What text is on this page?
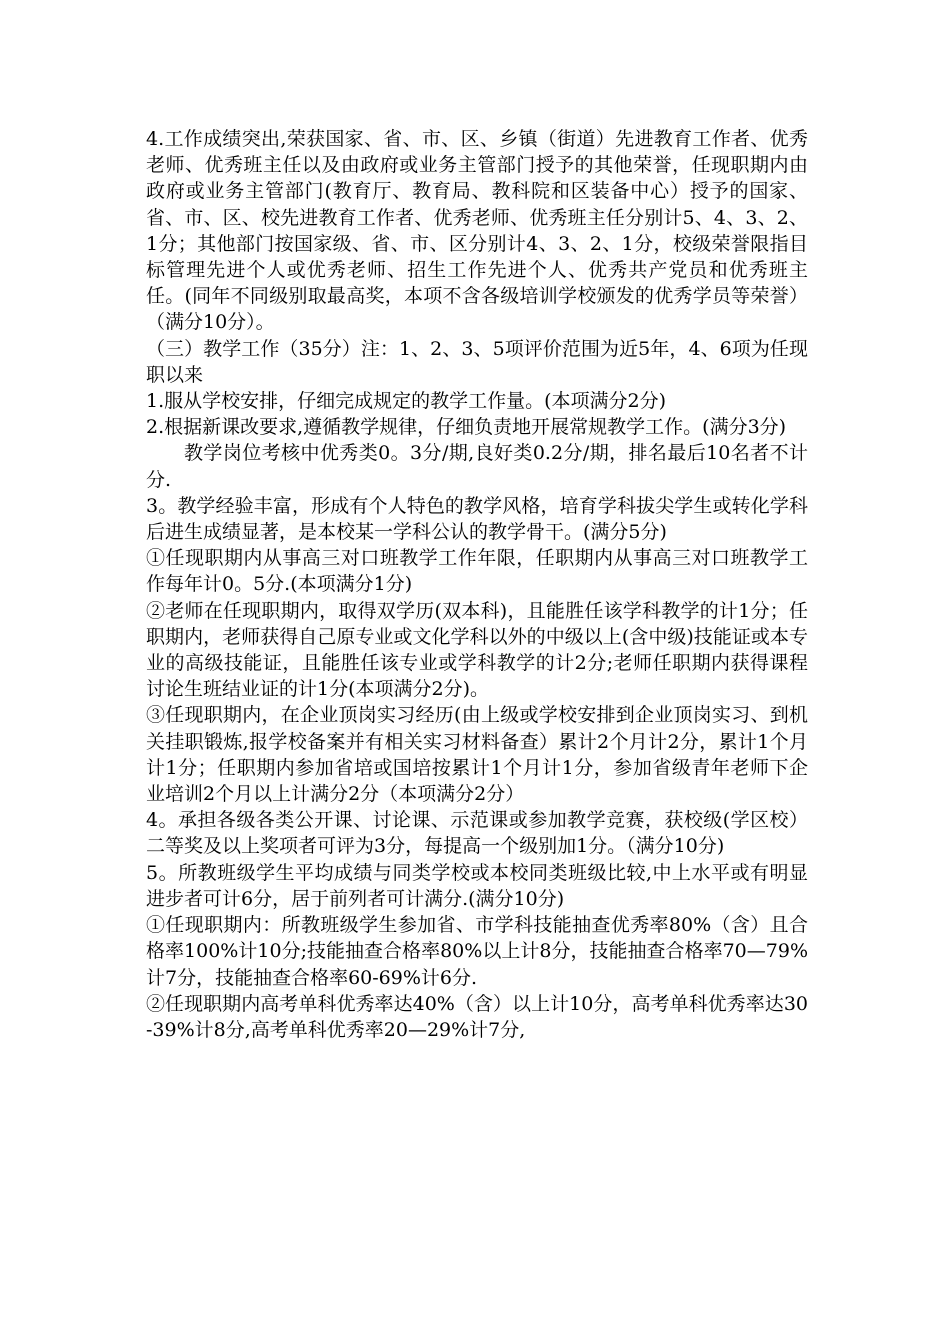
4.工作成绩突出,荣获国家、省、市、区、乡镇（街道）先进教育工作者、优秀老师、优秀班主任以及由政府或业务主管部门授予的其他荣誉，任现职期内由政府或业务主管部门(教育厅、教育局、教科院和区装备中心）授予的国家、省、市、区、校先进教育工作者、优秀老师、优秀班主任分别计5、4、3、2、1分；其他部门按国家级、省、市、区分别计4、3、2、1分，校级荣誉限指目标管理先进个人或优秀老师、招生工作先进个人、优秀共产党员和优秀班主任。(同年不同级别取最高奖，本项不含各级培训学校颁发的优秀学员等荣誉）（满分10分）。

（三）教学工作（35分）注：1、2、3、5项评价范围为近5年，4、6项为任现职以来

1.服从学校安排，仔细完成规定的教学工作量。(本项满分2分)

2.根据新课改要求,遵循教学规律，仔细负责地开展常规教学工作。(满分3分)

教学岗位考核中优秀类0。3分/期,良好类0.2分/期，排名最后10名者不计分.

3。教学经验丰富，形成有个人特色的教学风格，培育学科拔尖学生或转化学科后进生成绩显著，是本校某一学科公认的教学骨干。(满分5分)

①任现职期内从事高三对口班教学工作年限，任职期内从事高三对口班教学工作每年计0。5分.(本项满分1分)

②老师在任现职期内，取得双学历(双本科)，且能胜任该学科教学的计1分；任职期内，老师获得自己原专业或文化学科以外的中级以上(含中级)技能证或本专业的高级技能证，且能胜任该专业或学科教学的计2分;老师任职期内获得课程讨论生班结业证的计1分(本项满分2分)。

③任现职期内，在企业顶岗实习经历(由上级或学校安排到企业顶岗实习、到机关挂职锻炼,报学校备案并有相关实习材料备查）累计2个月计2分，累计1个月计1分；任职期内参加省培或国培按累计1个月计1分，参加省级青年老师下企业培训2个月以上计满分2分（本项满分2分）

4。承担各级各类公开课、讨论课、示范课或参加教学竞赛，获校级(学区校）二等奖及以上奖项者可评为3分，每提高一个级别加1分。（满分10分)

5。所教班级学生平均成绩与同类学校或本校同类班级比较,中上水平或有明显进步者可计6分，居于前列者可计满分.(满分10分)

①任现职期内：所教班级学生参加省、市学科技能抽查优秀率80%（含）且合格率100%计10分;技能抽查合格率80%以上计8分，技能抽查合格率70—79%计7分，技能抽查合格率60-69%计6分.

②任现职期内高考单科优秀率达40%（含）以上计10分，高考单科优秀率达30-39%计8分,高考单科优秀率20—29%计7分,
